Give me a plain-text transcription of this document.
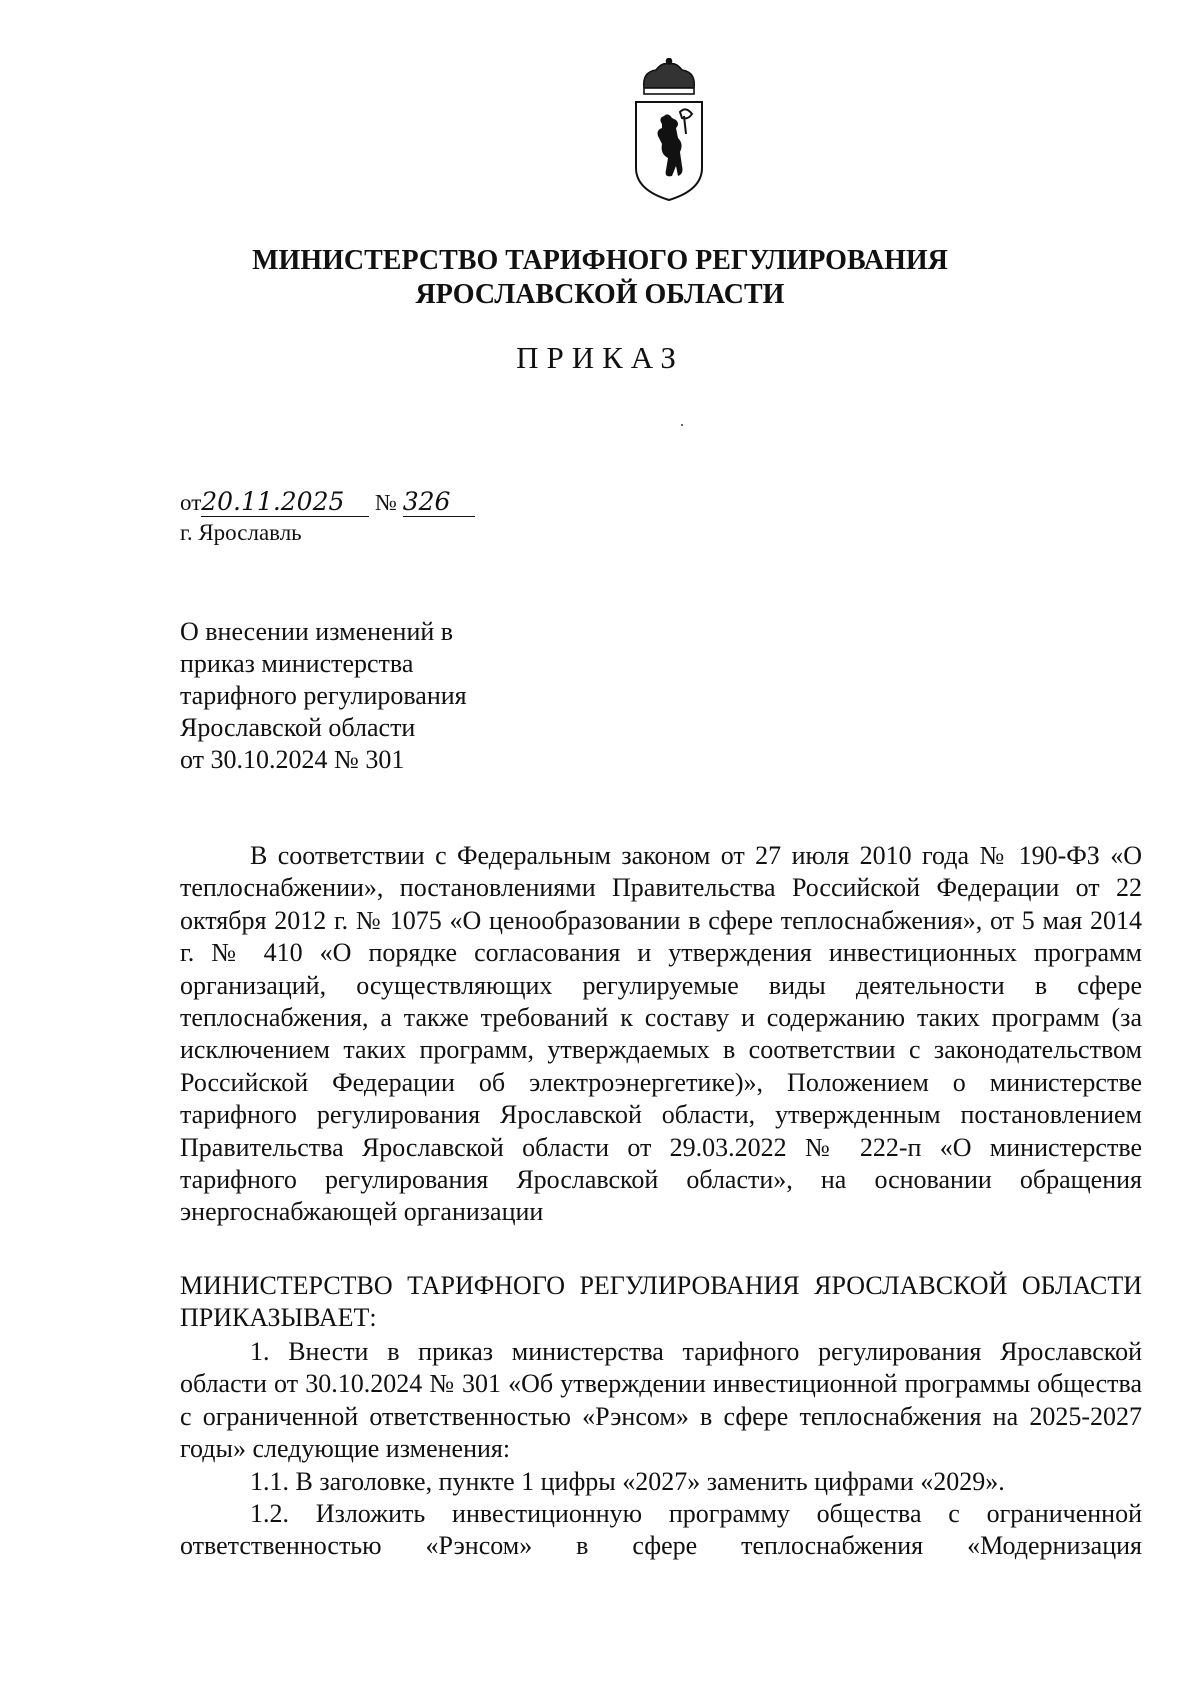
МИНИСТЕРСТВО ТАРИФНОГО РЕГУЛИРОВАНИЯ
ЯРОСЛАВСКОЙ ОБЛАСТИ
ПРИКАЗ
от20.11.2025 № 326
г. Ярославль
О внесении изменений в
приказ министерства
тарифного регулирования
Ярославской области
от 30.10.2024 № 301

В соответствии с Федеральным законом от 27 июля 2010 года № 190-ФЗ «О теплоснабжении», постановлениями Правительства Российской Федерации от 22 октября 2012 г. № 1075 «О ценообразовании в сфере теплоснабжения», от 5 мая 2014 г. № 410 «О порядке согласования и утверждения инвестиционных программ организаций, осуществляющих регулируемые виды деятельности в сфере теплоснабжения, а также требований к составу и содержанию таких программ (за исключением таких программ, утверждаемых в соответствии с законодательством Российской Федерации об электроэнергетике)», Положением о министерстве тарифного регулирования Ярославской области, утвержденным постановлением Правительства Ярославской области от 29.03.2022 № 222-п «О министерстве тарифного регулирования Ярославской области», на основании обращения энергоснабжающей организации

МИНИСТЕРСТВО ТАРИФНОГО РЕГУЛИРОВАНИЯ ЯРОСЛАВСКОЙ ОБЛАСТИ ПРИКАЗЫВАЕТ:

1. Внести в приказ министерства тарифного регулирования Ярославской области от 30.10.2024 № 301 «Об утверждении инвестиционной программы общества с ограниченной ответственностью «Рэнсом» в сфере теплоснабжения на 2025-2027 годы» следующие изменения:

1.1. В заголовке, пункте 1 цифры «2027» заменить цифрами «2029».

1.2. Изложить инвестиционную программу общества с ограниченной ответственностью «Рэнсом» в сфере теплоснабжения «Модернизация
